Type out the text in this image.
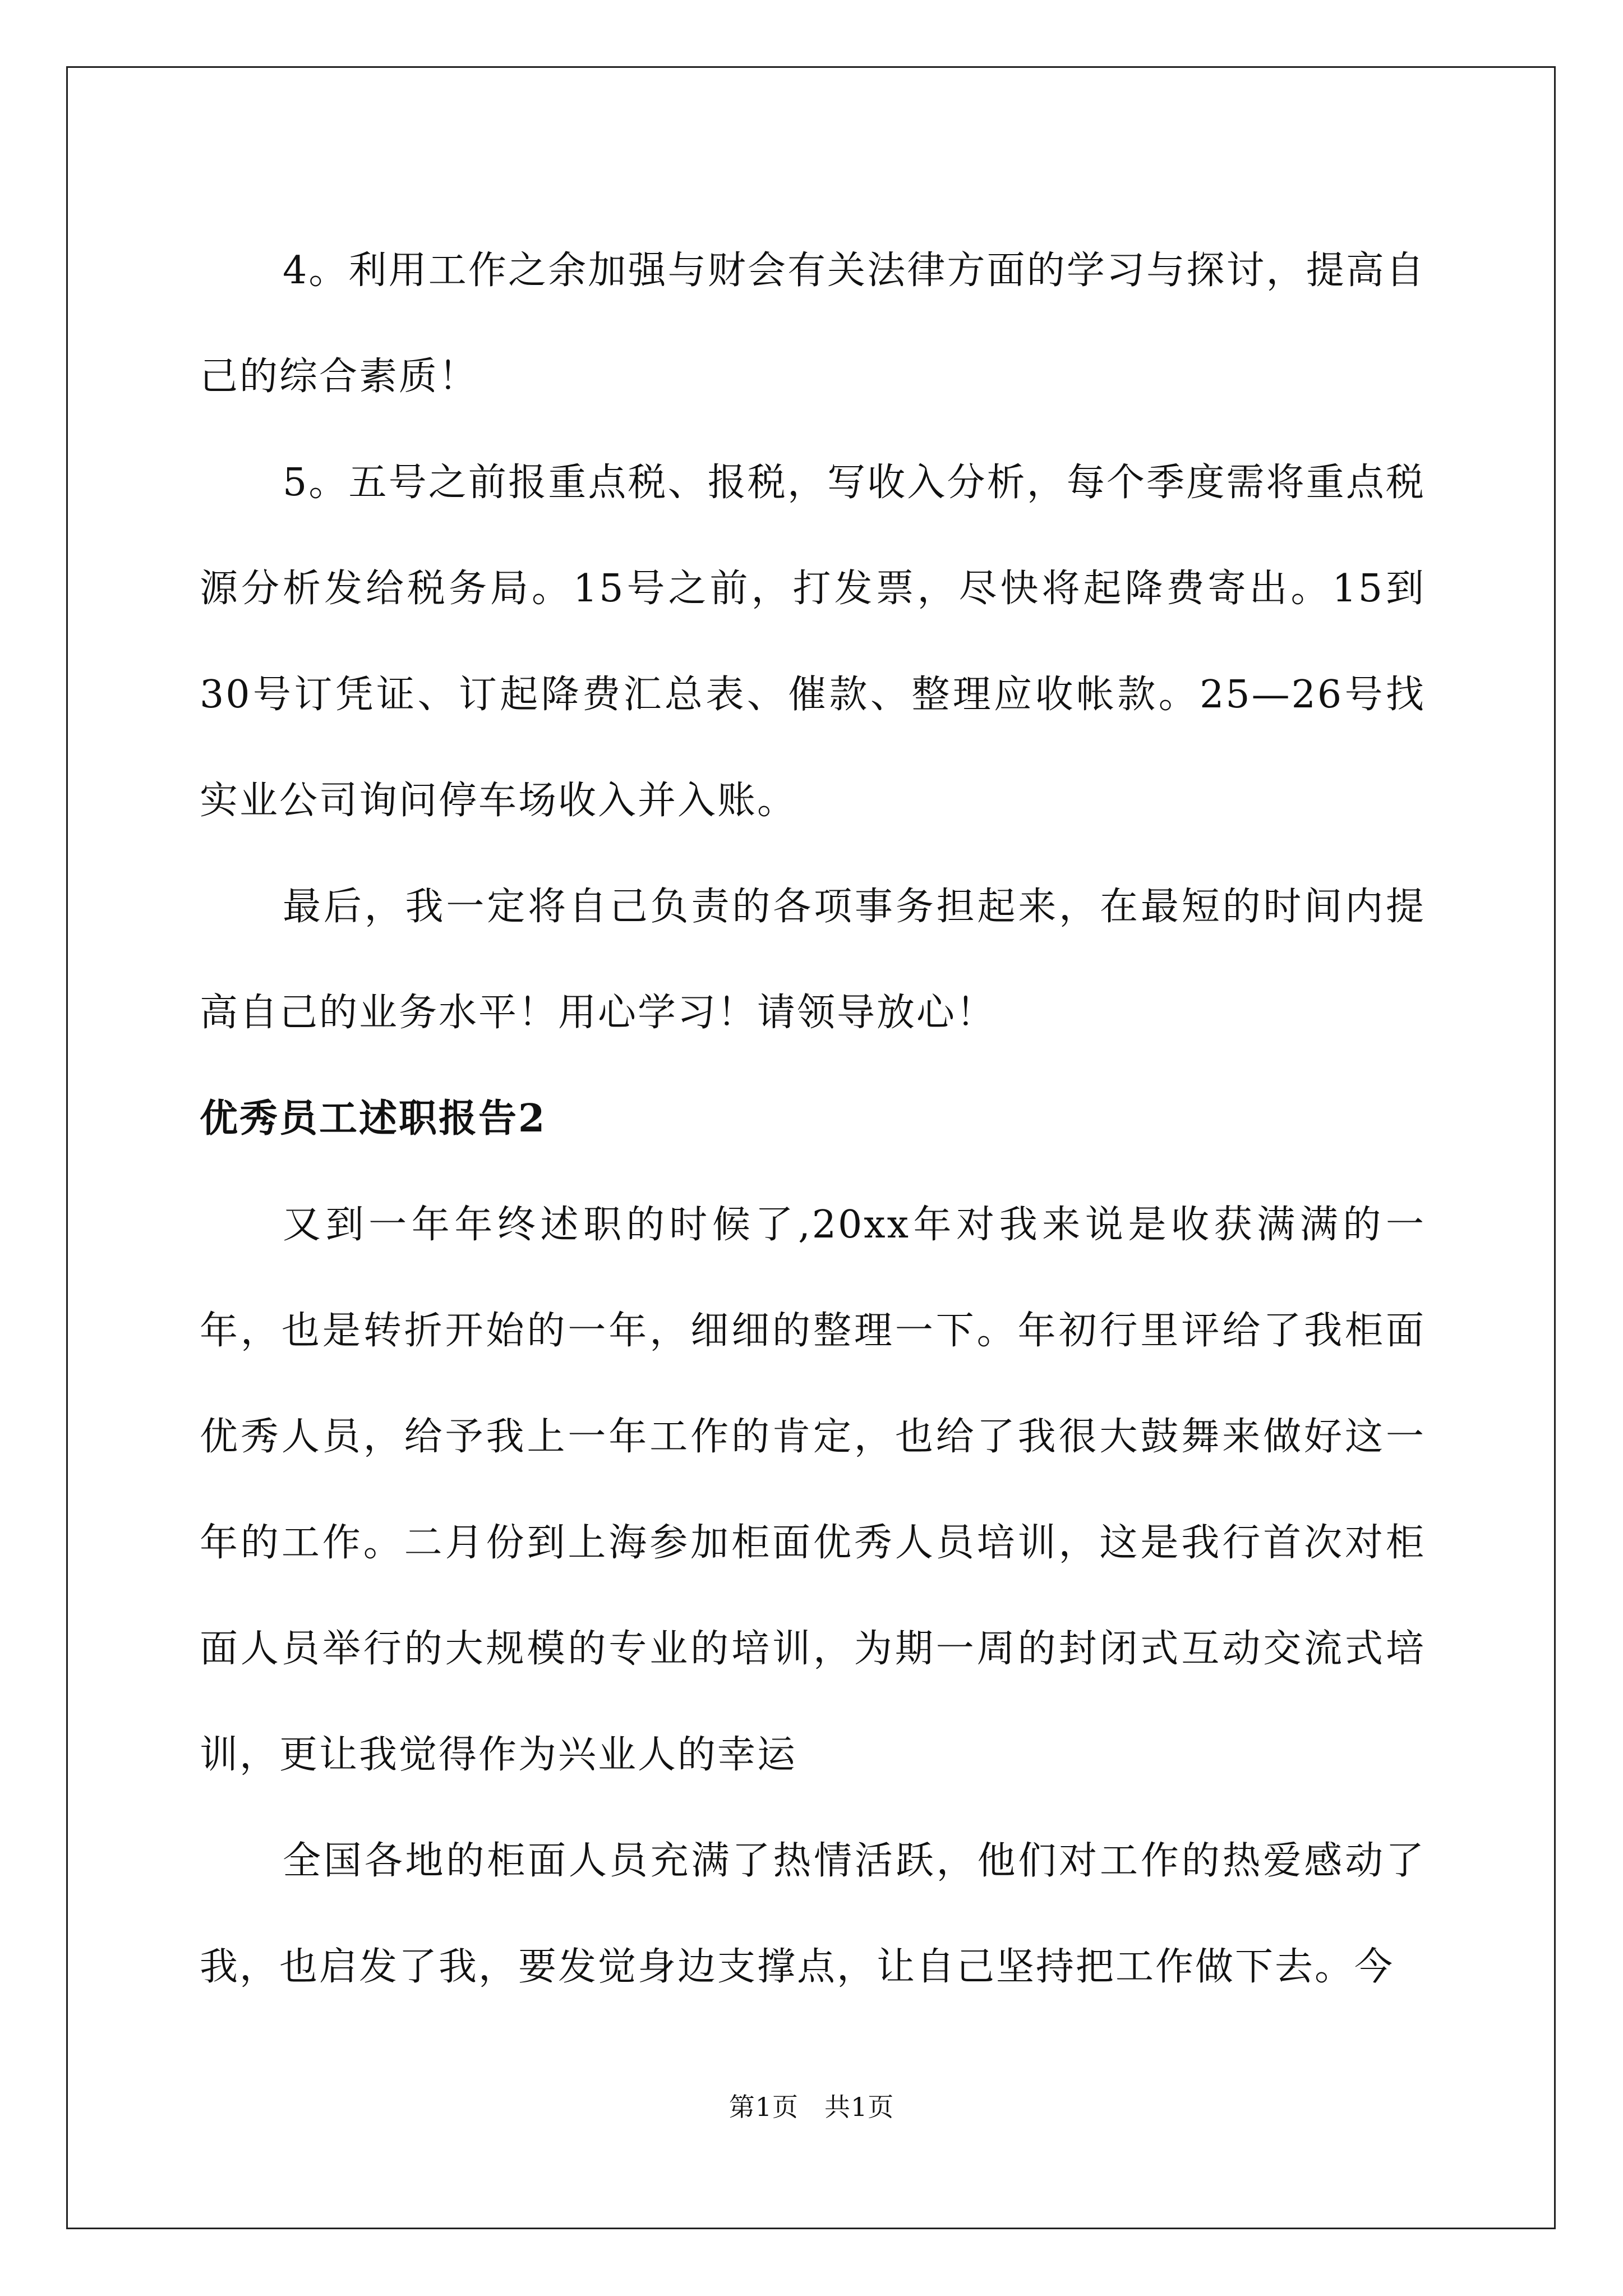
4。利用工作之余加强与财会有关法律方面的学习与探讨，提高自己的综合素质！

5。五号之前报重点税、报税，写收入分析，每个季度需将重点税源分析发给税务局。15号之前，打发票，尽快将起降费寄出。15到30号订凭证、订起降费汇总表、催款、整理应收帐款。25—26号找实业公司询问停车场收入并入账。

最后，我一定将自己负责的各项事务担起来，在最短的时间内提高自己的业务水平！用心学习！请领导放心！

优秀员工述职报告2

又到一年年终述职的时候了,20xx年对我来说是收获满满的一年，也是转折开始的一年，细细的整理一下。年初行里评给了我柜面优秀人员，给予我上一年工作的肯定，也给了我很大鼓舞来做好这一年的工作。二月份到上海参加柜面优秀人员培训，这是我行首次对柜面人员举行的大规模的专业的培训，为期一周的封闭式互动交流式培训，更让我觉得作为兴业人的幸运

全国各地的柜面人员充满了热情活跃，他们对工作的热爱感动了我，也启发了我，要发觉身边支撑点，让自己坚持把工作做下去。今

第1页 共1页
